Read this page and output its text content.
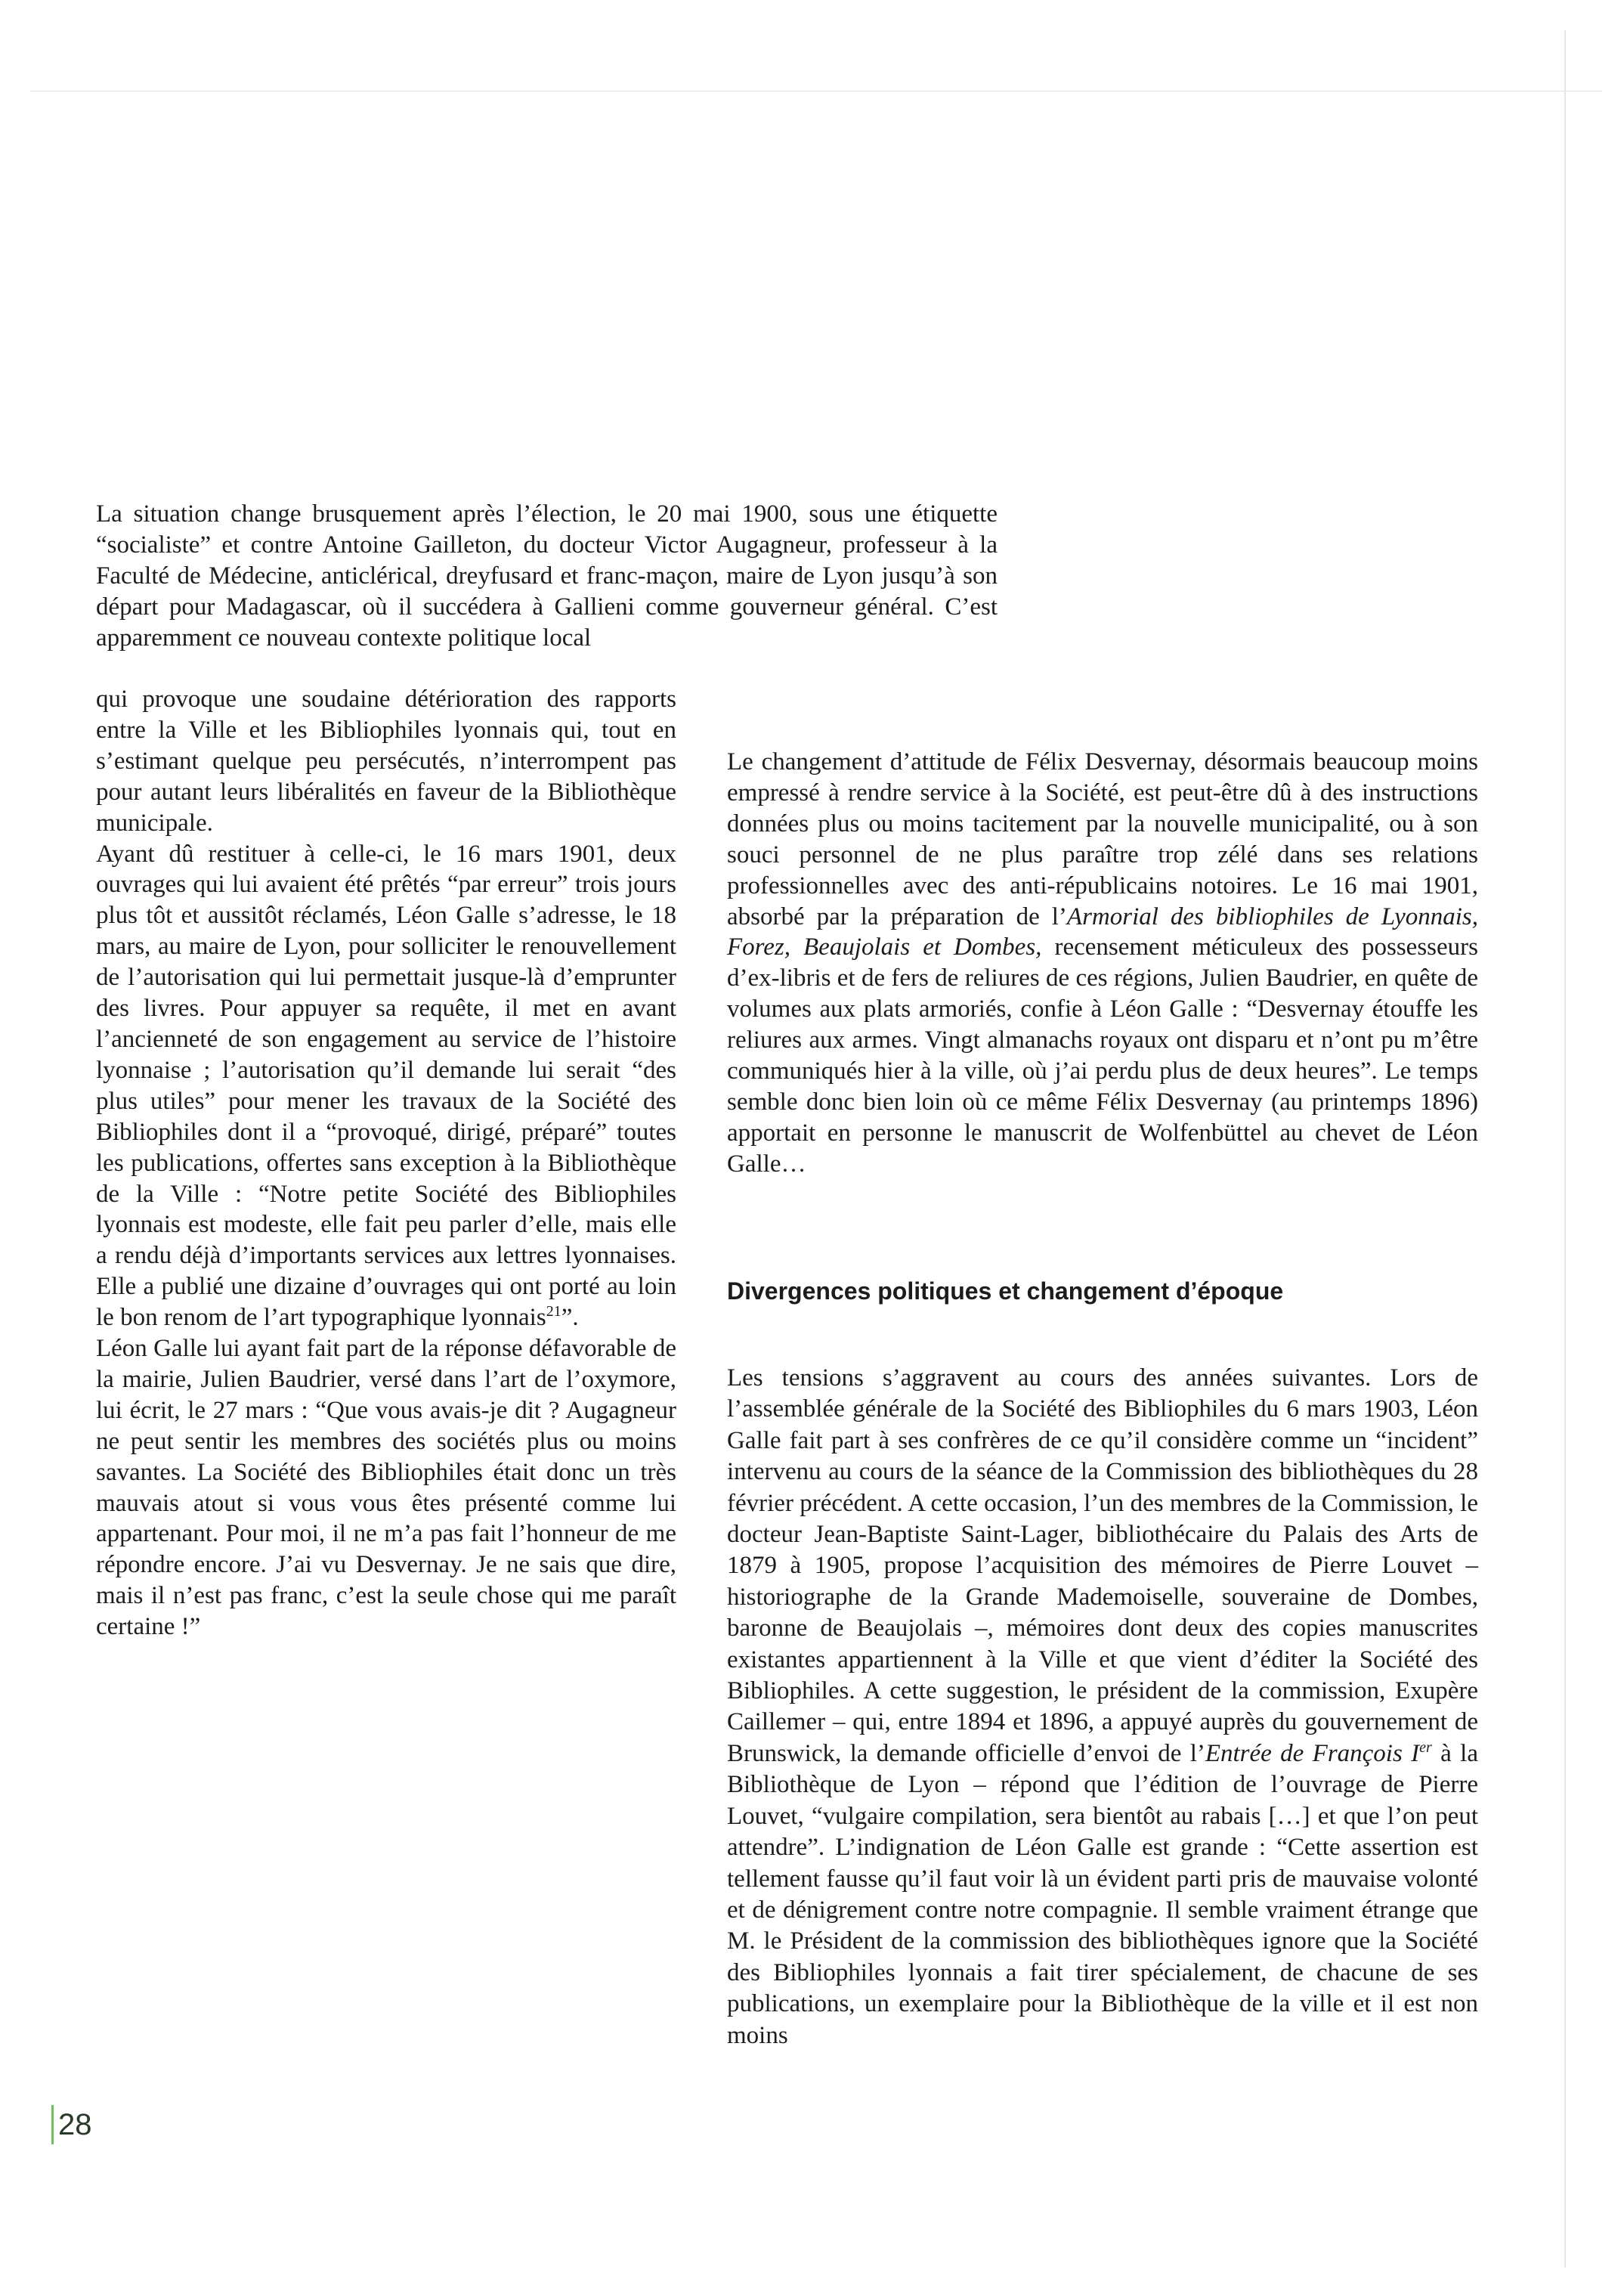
La situation change brusquement après l’élection, le 20 mai 1900, sous une étiquette “socialiste” et contre Antoine Gailleton, du docteur Victor Augagneur, professeur à la Faculté de Médecine, anticlérical, dreyfusard et franc-maçon, maire de Lyon jusqu’à son départ pour Madagascar, où il succédera à Gallieni comme gouverneur général. C’est apparemment ce nouveau contexte politique local

qui provoque une soudaine détérioration des rapports entre la Ville et les Bibliophiles lyonnais qui, tout en s’estimant quelque peu persécutés, n’interrompent pas pour autant leurs libéralités en faveur de la Bibliothèque municipale.

Ayant dû restituer à celle-ci, le 16 mars 1901, deux ouvrages qui lui avaient été prêtés “par erreur” trois jours plus tôt et aussitôt réclamés, Léon Galle s’adresse, le 18 mars, au maire de Lyon, pour solliciter le renouvellement de l’autorisation qui lui permettait jusque-là d’emprunter des livres. Pour appuyer sa requête, il met en avant l’ancienneté de son engagement au service de l’histoire lyonnaise ; l’autorisation qu’il demande lui serait “des plus utiles” pour mener les travaux de la Société des Bibliophiles dont il a “provoqué, dirigé, préparé” toutes les publications, offertes sans exception à la Bibliothèque de la Ville : “Notre petite Société des Bibliophiles lyonnais est modeste, elle fait peu parler d’elle, mais elle a rendu déjà d’importants services aux lettres lyonnaises. Elle a publié une dizaine d’ouvrages qui ont porté au loin le bon renom de l’art typographique lyonnais$^{21}$”.

Léon Galle lui ayant fait part de la réponse défavorable de la mairie, Julien Baudrier, versé dans l’art de l’oxymore, lui écrit, le 27 mars : “Que vous avais-je dit ? Augagneur ne peut sentir les membres des sociétés plus ou moins savantes. La Société des Bibliophiles était donc un très mauvais atout si vous vous êtes présenté comme lui appartenant. Pour moi, il ne m’a pas fait l’honneur de me répondre encore. J’ai vu Desvernay. Je ne sais que dire, mais il n’est pas franc, c’est la seule chose qui me paraît certaine !”

Le changement d’attitude de Félix Desvernay, désormais beaucoup moins empressé à rendre service à la Société, est peut-être dû à des instructions données plus ou moins tacitement par la nouvelle municipalité, ou à son souci personnel de ne plus paraître trop zélé dans ses relations professionnelles avec des anti-républicains notoires. Le 16 mai 1901, absorbé par la préparation de l’Armorial des bibliophiles de Lyonnais, Forez, Beaujolais et Dombes, recensement méticuleux des possesseurs d’ex-libris et de fers de reliures de ces régions, Julien Baudrier, en quête de volumes aux plats armoriés, confie à Léon Galle : “Desvernay étouffe les reliures aux armes. Vingt almanachs royaux ont disparu et n’ont pu m’être communiqués hier à la ville, où j’ai perdu plus de deux heures”. Le temps semble donc bien loin où ce même Félix Desvernay (au printemps 1896) apportait en personne le manuscrit de Wolfenbüttel au chevet de Léon Galle…

Divergences politiques et changement d’époque

Les tensions s’aggravent au cours des années suivantes. Lors de l’assemblée générale de la Société des Bibliophiles du 6 mars 1903, Léon Galle fait part à ses confrères de ce qu’il considère comme un “incident” intervenu au cours de la séance de la Commission des bibliothèques du 28 février précédent. A cette occasion, l’un des membres de la Commission, le docteur Jean-Baptiste Saint-Lager, bibliothécaire du Palais des Arts de 1879 à 1905, propose l’acquisition des mémoires de Pierre Louvet – historiographe de la Grande Mademoiselle, souveraine de Dombes, baronne de Beaujolais –, mémoires dont deux des copies manuscrites existantes appartiennent à la Ville et que vient d’éditer la Société des Bibliophiles. A cette suggestion, le président de la commission, Exupère Caillemer – qui, entre 1894 et 1896, a appuyé auprès du gouvernement de Brunswick, la demande officielle d’envoi de l’Entrée de François Ier à la Bibliothèque de Lyon – répond que l’édition de l’ouvrage de Pierre Louvet, “vulgaire compilation, sera bientôt au rabais […] et que l’on peut attendre”. L’indignation de Léon Galle est grande : “Cette assertion est tellement fausse qu’il faut voir là un évident parti pris de mauvaise volonté et de dénigrement contre notre compagnie. Il semble vraiment étrange que M. le Président de la commission des bibliothèques ignore que la Société des Bibliophiles lyonnais a fait tirer spécialement, de chacune de ses publications, un exemplaire pour la Bibliothèque de la ville et il est non moins

28
